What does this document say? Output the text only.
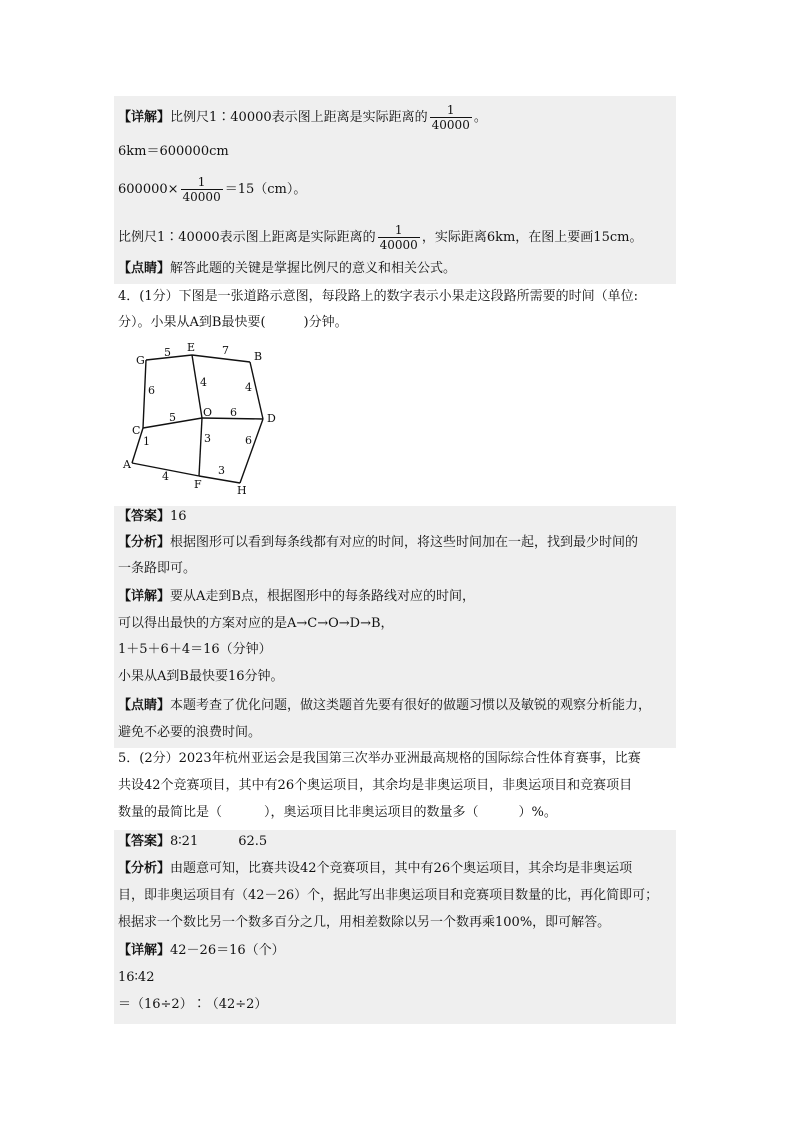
【详解】比例尺1∶40000表示图上距离是实际距离的 $\frac{1}{40000}$ 。
6km＝600000cm
$600000\times \frac{1}{40000} =15(cm)$。
比例尺1∶40000表示图上距离是实际距离的 $\frac{1}{40000}$ ，实际距离6km，在图上要画15cm。
【点睛】解答此题的关键是掌握比例尺的意义和相关公式。
4．(1分）下图是一张道路示意图，每段路上的数字表示小果走这段路所需要的时间（单位:
分）。小果从A到B最快要(	)分钟。
G
E
B
C
O	D
A
F	H
5	7
6
4	4
5	6
1	3	6
4	3
【答案】16
【分析】根据图形可以看到每条线都有对应的时间，将这些时间加在一起，找到最少时间的
一条路即可。
【详解】要从A走到B点，根据图形中的每条路线对应的时间，
可以得出最快的方案对应的是A→C→O→D→B，
1＋5＋6＋4＝16（分钟）
小果从A到B最快要16分钟。
【点睛】本题考查了优化问题，做这类题首先要有很好的做题习惯以及敏锐的观察分析能力，
避免不必要的浪费时间。
5．(2分）2023年杭州亚运会是我国第三次举办亚洲最高规格的国际综合性体育赛事，比赛
共设42个竞赛项目，其中有26个奥运项目，其余均是非奥运项目，非奥运项目和竞赛项目
数量的最简比是（	），奥运项目比非奥运项目的数量多（	）%。
【答案】8∶21	62.5
【分析】由题意可知，比赛共设42个竞赛项目，其中有26个奥运项目，其余均是非奥运项
目，即非奥运项目有（42－26）个，据此写出非奥运项目和竞赛项目数量的比，再化简即可；
根据求一个数比另一个数多百分之几，用相差数除以另一个数再乘100%，即可解答。
【详解】42－26＝16（个）
16∶42
＝（16÷2）∶（42÷2）
